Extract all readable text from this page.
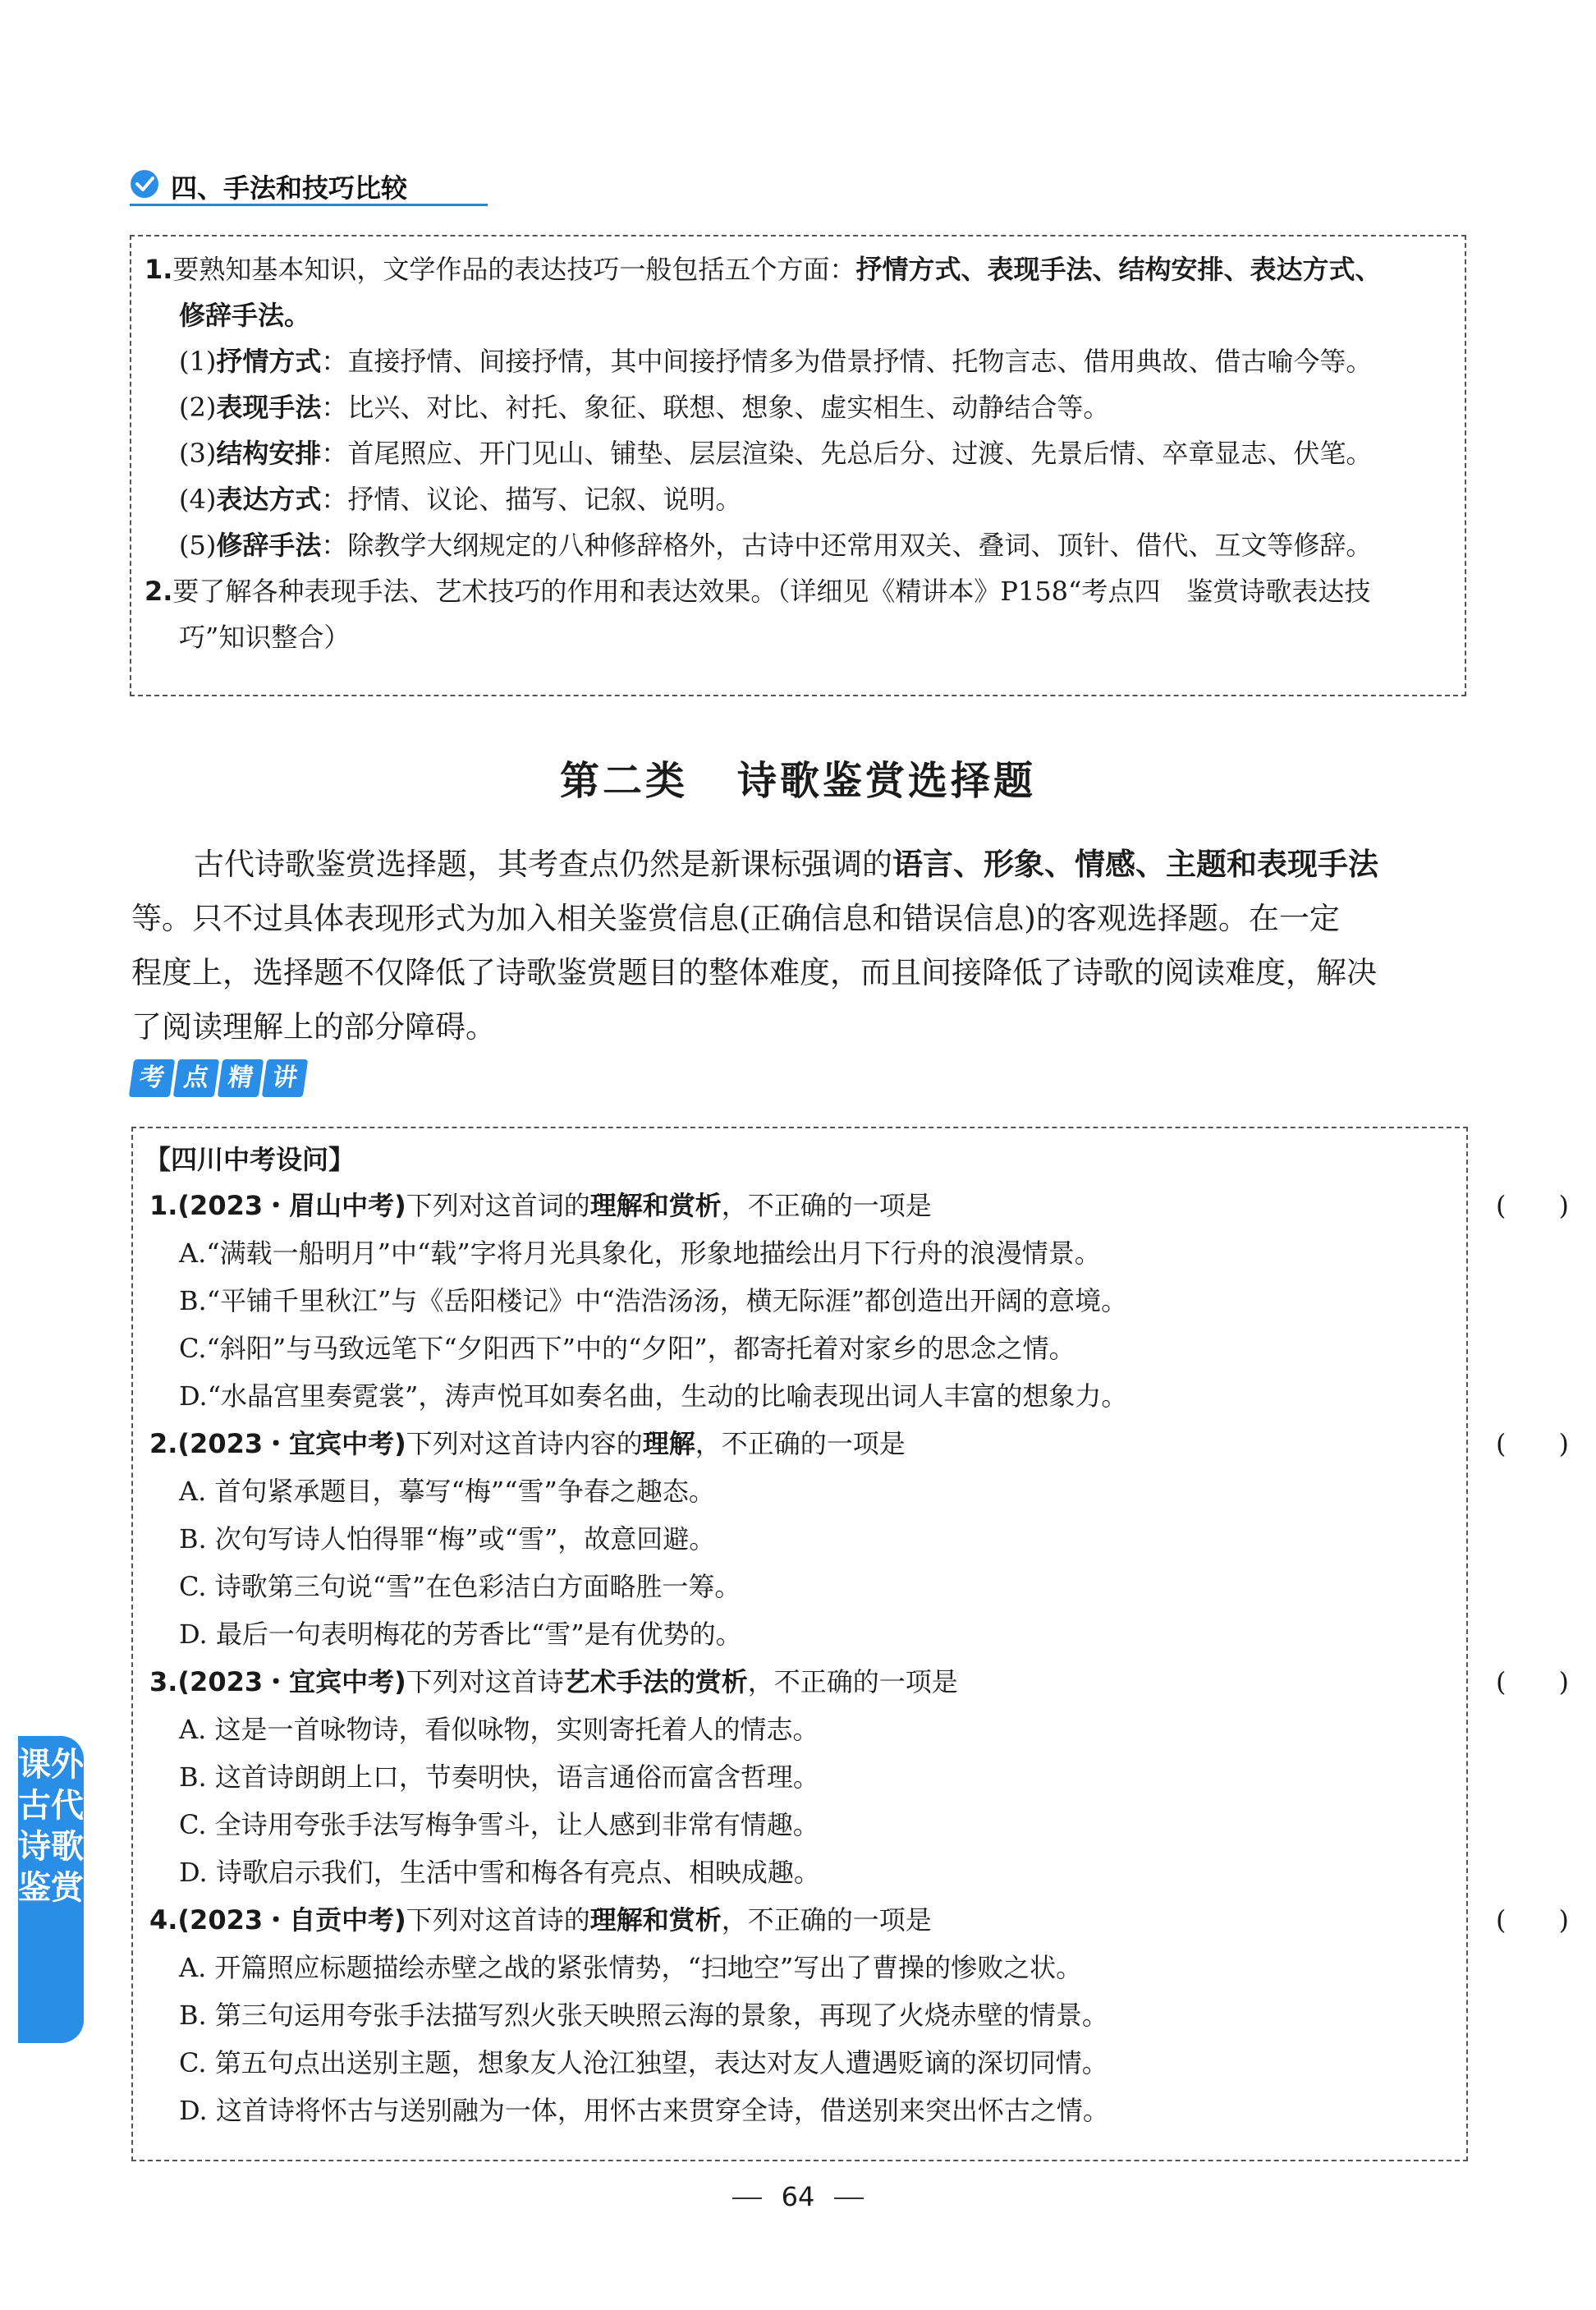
四、手法和技巧比较
1.要熟知基本知识，文学作品的表达技巧一般包括五个方面：抒情方式、表现手法、结构安排、表达方式、
修辞手法。
(1)抒情方式：直接抒情、间接抒情，其中间接抒情多为借景抒情、托物言志、借用典故、借古喻今等。
(2)表现手法：比兴、对比、衬托、象征、联想、想象、虚实相生、动静结合等。
(3)结构安排：首尾照应、开门见山、铺垫、层层渲染、先总后分、过渡、先景后情、卒章显志、伏笔。
(4)表达方式：抒情、议论、描写、记叙、说明。
(5)修辞手法：除教学大纲规定的八种修辞格外，古诗中还常用双关、叠词、顶针、借代、互文等修辞。
2.要了解各种表现手法、艺术技巧的作用和表达效果。（详细见《精讲本》P158“考点四　鉴赏诗歌表达技
巧”知识整合）
第二类 诗歌鉴赏选择题
古代诗歌鉴赏选择题，其考查点仍然是新课标强调的语言、形象、情感、主题和表现手法
等。只不过具体表现形式为加入相关鉴赏信息(正确信息和错误信息)的客观选择题。在一定
程度上，选择题不仅降低了诗歌鉴赏题目的整体难度，而且间接降低了诗歌的阅读难度，解决
了阅读理解上的部分障碍。
考 点 精 讲
【四川中考设问】
1.(2023・眉山中考)下列对这首词的理解和赏析，不正确的一项是	(　　)
A.“满载一船明月”中“载”字将月光具象化，形象地描绘出月下行舟的浪漫情景。
B.“平铺千里秋江”与《岳阳楼记》中“浩浩汤汤，横无际涯”都创造出开阔的意境。
C.“斜阳”与马致远笔下“夕阳西下”中的“夕阳”，都寄托着对家乡的思念之情。
D.“水晶宫里奏霓裳”，涛声悦耳如奏名曲，生动的比喻表现出词人丰富的想象力。
2.(2023・宜宾中考)下列对这首诗内容的理解，不正确的一项是	(　　)
A. 首句紧承题目，摹写“梅”“雪”争春之趣态。
B. 次句写诗人怕得罪“梅”或“雪”，故意回避。
C. 诗歌第三句说“雪”在色彩洁白方面略胜一筹。
D. 最后一句表明梅花的芳香比“雪”是有优势的。
3.(2023・宜宾中考)下列对这首诗艺术手法的赏析，不正确的一项是	(　　)
A. 这是一首咏物诗，看似咏物，实则寄托着人的情志。
B. 这首诗朗朗上口，节奏明快，语言通俗而富含哲理。
C. 全诗用夸张手法写梅争雪斗，让人感到非常有情趣。
D. 诗歌启示我们，生活中雪和梅各有亮点、相映成趣。
4.(2023・自贡中考)下列对这首诗的理解和赏析，不正确的一项是	(　　)
A. 开篇照应标题描绘赤壁之战的紧张情势，“扫地空”写出了曹操的惨败之状。
B. 第三句运用夸张手法描写烈火张天映照云海的景象，再现了火烧赤壁的情景。
C. 第五句点出送别主题，想象友人沧江独望，表达对友人遭遇贬谪的深切同情。
D. 这首诗将怀古与送别融为一体，用怀古来贯穿全诗，借送别来突出怀古之情。
课外古代诗歌鉴赏
64
